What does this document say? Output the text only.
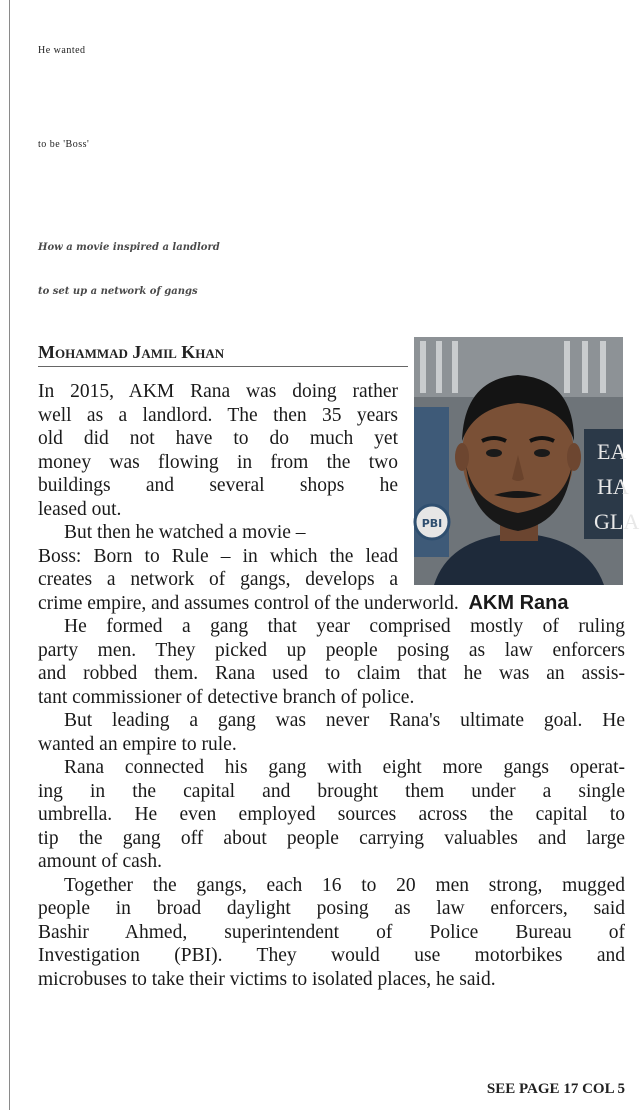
He wanted
to be 'Boss'
How a movie inspired a landlord
to set up a network of gangs

Mohammad Jamil Khan

PBI
EA
HA
GLA

AKM Rana

In 2015, AKM Rana was doing rather
well as a landlord. The then 35 years
old did not have to do much yet
money was flowing in from the two
buildings and several shops he
leased out.
But then he watched a movie –
Boss: Born to Rule – in which the lead
creates a network of gangs, develops a
crime empire, and assumes control of the underworld.
He formed a gang that year comprised mostly of ruling
party men. They picked up people posing as law enforcers
and robbed them. Rana used to claim that he was an assis-
tant commissioner of detective branch of police.
But leading a gang was never Rana's ultimate goal. He
wanted an empire to rule.
Rana connected his gang with eight more gangs operat-
ing in the capital and brought them under a single
umbrella. He even employed sources across the capital to
tip the gang off about people carrying valuables and large
amount of cash.
Together the gangs, each 16 to 20 men strong, mugged
people in broad daylight posing as law enforcers, said
Bashir Ahmed, superintendent of Police Bureau of
Investigation (PBI). They would use motorbikes and
microbuses to take their victims to isolated places, he said.

SEE PAGE 17 COL 5
